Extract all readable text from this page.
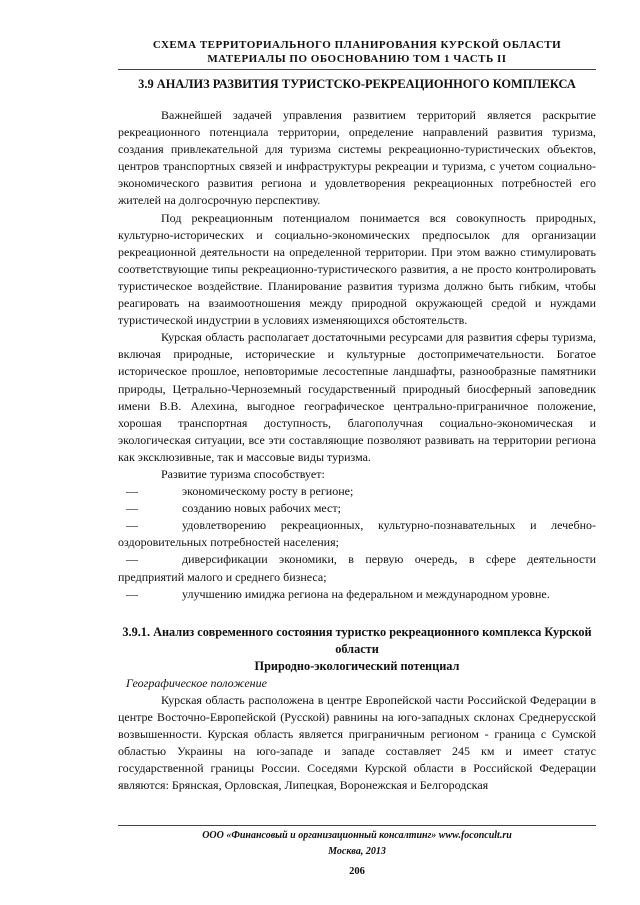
СХЕМА ТЕРРИТОРИАЛЬНОГО ПЛАНИРОВАНИЯ КУРСКОЙ ОБЛАСТИ

МАТЕРИАЛЫ ПО ОБОСНОВАНИЮ ТОМ 1 ЧАСТЬ II

3.9 АНАЛИЗ РАЗВИТИЯ ТУРИСТСКО-РЕКРЕАЦИОННОГО КОМПЛЕКСА

Важнейшей задачей управления развитием территорий является раскрытие рекреационного потенциала территории, определение направлений развития туризма, создания привлекательной для туризма системы рекреационно-туристических объектов, центров транспортных связей и инфраструктуры рекреации и туризма, с учетом социально-экономического развития региона и удовлетворения рекреационных потребностей его жителей на долгосрочную перспективу.

Под рекреационным потенциалом понимается вся совокупность природных, культурно-исторических и социально-экономических предпосылок для организации рекреационной деятельности на определенной территории. При этом важно стимулировать соответствующие типы рекреационно-туристического развития, а не просто контролировать туристическое воздействие. Планирование развития туризма должно быть гибким, чтобы реагировать на взаимоотношения между природной окружающей средой и нуждами туристической индустрии в условиях изменяющихся обстоятельств.

Курская область располагает достаточными ресурсами для развития сферы туризма, включая природные, исторические и культурные достопримечательности. Богатое историческое прошлое, неповторимые лесостепные ландшафты, разнообразные памятники природы, Цетрально-Черноземный государственный природный биосферный заповедник имени В.В. Алехина, выгодное географическое центрально-приграничное положение, хорошая транспортная доступность, благополучная социально-экономическая и экологическая ситуации, все эти составляющие позволяют развивать на территории региона как эксклюзивные, так и массовые виды туризма.

Развитие туризма способствует:

—	экономическому росту в регионе;

—	созданию новых рабочих мест;

—	удовлетворению рекреационных, культурно-познавательных и лечебно-оздоровительных потребностей населения;

—	диверсификации экономики, в первую очередь, в сфере деятельности предприятий малого и среднего бизнеса;

—	улучшению имиджа региона на федеральном и международном уровне.

3.9.1. Анализ современного состояния туристко рекреационного комплекса Курской области

Природно-экологический потенциал

Географическое положение

Курская область расположена в центре Европейской части Российской Федерации в центре Восточно-Европейской (Русской) равнины на юго-западных склонах Среднерусской возвышенности. Курская область является приграничным регионом - граница с Сумской областью Украины на юго-западе и западе составляет 245 км и имеет статус государственной границы России. Соседями Курской области в Российской Федерации являются: Брянская, Орловская, Липецкая, Воронежская и Белгородская

ООО «Финансовый и организационный консалтинг» www.foconcult.ru

Москва, 2013

206
